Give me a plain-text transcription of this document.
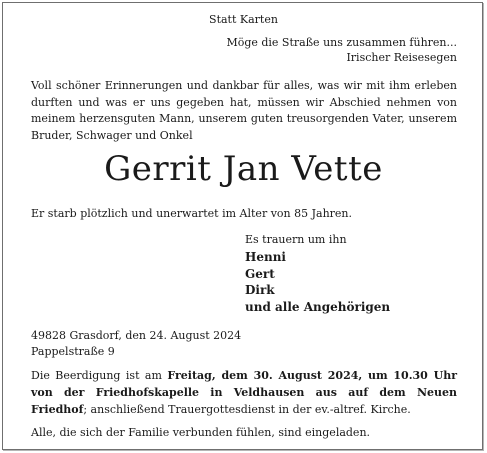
Statt Karten
Möge die Straße uns zusammen führen...
Irischer Reisesegen
Voll schöner Erinnerungen und dankbar für alles, was wir mit ihm erleben durften und was er uns gegeben hat, müssen wir Abschied nehmen von meinem herzensguten Mann, unserem guten treusorgenden Vater, unserem Bruder, Schwager und Onkel
Gerrit Jan Vette
Er starb plötzlich und unerwartet im Alter von 85 Jahren.
Es trauern um ihn
Henni
Gert
Dirk
und alle Angehörigen
49828 Grasdorf, den 24. August 2024
Pappelstraße 9
Die Beerdigung ist am Freitag, dem 30. August 2024, um 10.30 Uhr von der Friedhofskapelle in Veldhausen aus auf dem Neuen Friedhof; anschließend Trauergottesdienst in der ev.-altref. Kirche.
Alle, die sich der Familie verbunden fühlen, sind eingeladen.
